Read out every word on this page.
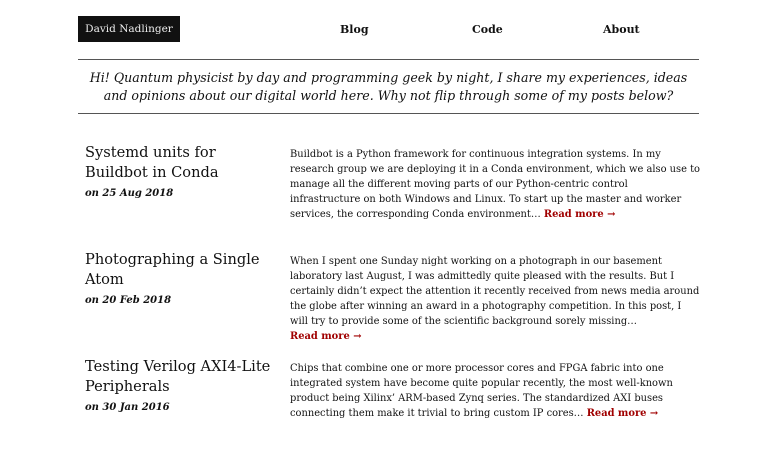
David Nadlinger	Blog	Code	About

Hi! Quantum physicist by day and programming geek by night, I share my experiences, ideas and opinions about our digital world here. Why not flip through some of my posts below?

Systemd units for Buildbot in Conda
on 25 Aug 2018

Buildbot is a Python framework for continuous integration systems. In my research group we are deploying it in a Conda environment, which we also use to manage all the different moving parts of our Python-centric control infrastructure on both Windows and Linux. To start up the master and worker services, the corresponding Conda environment… Read more →

Photographing a Single Atom
on 20 Feb 2018

When I spent one Sunday night working on a photograph in our basement laboratory last August, I was admittedly quite pleased with the results. But I certainly didn’t expect the attention it recently received from news media around the globe after winning an award in a photography competition. In this post, I will try to provide some of the scientific background sorely missing… Read more →

Testing Verilog AXI4-Lite Peripherals
on 30 Jan 2016

Chips that combine one or more processor cores and FPGA fabric into one integrated system have become quite popular recently, the most well-known product being Xilinx’ ARM-based Zynq series. The standardized AXI buses connecting them make it trivial to bring custom IP cores… Read more →
